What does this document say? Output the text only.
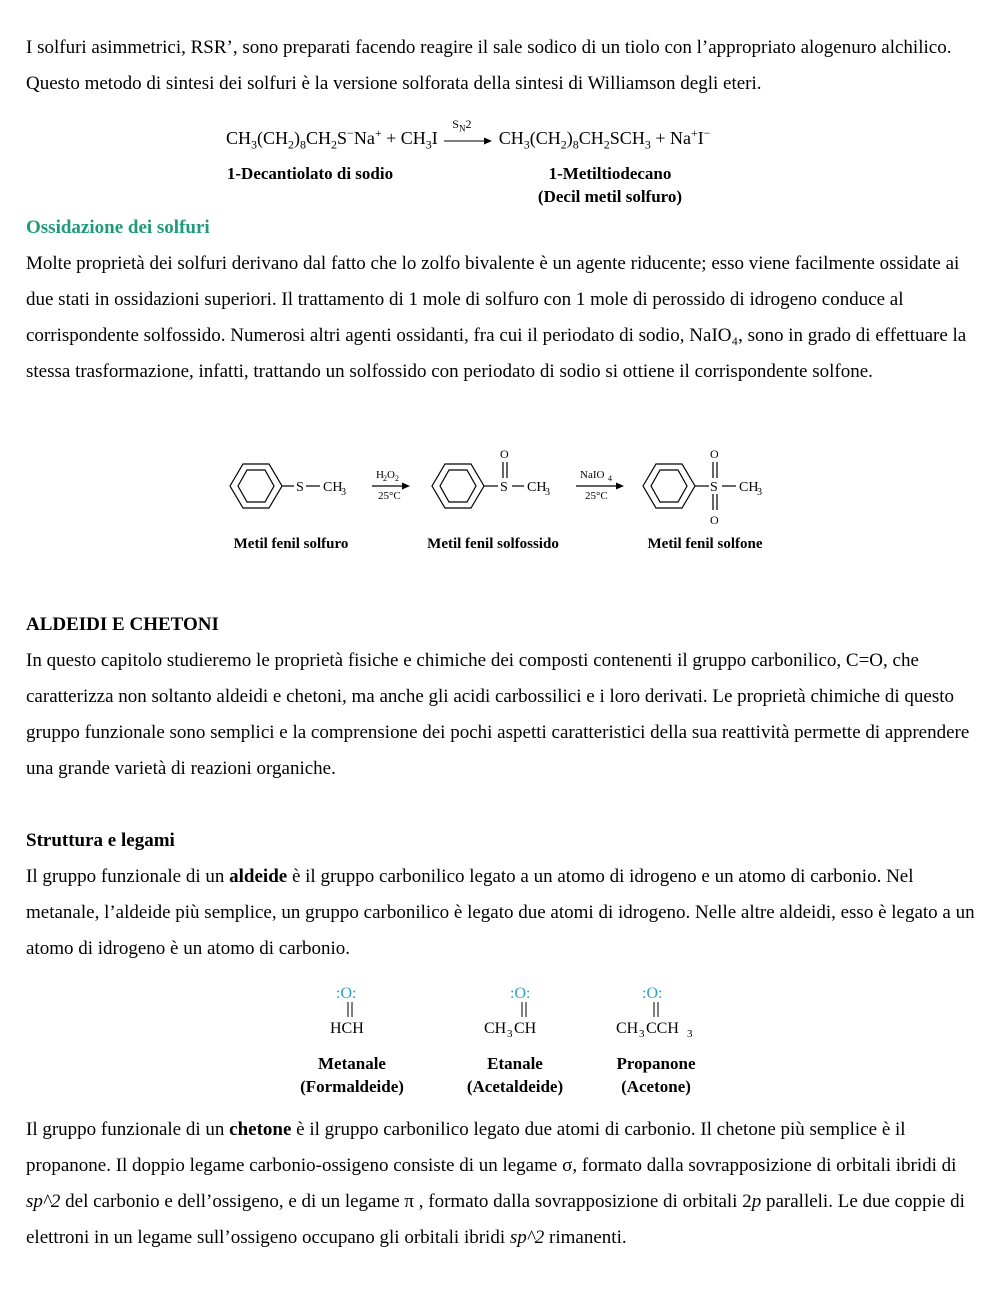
I solfuri asimmetrici, RSR’, sono preparati facendo reagire il sale sodico di un tiolo con l’appropriato alogenuro alchilico. Questo metodo di sintesi dei solfuri è la versione solforata della sintesi di Williamson degli eteri.

$CH_3(CH_2)_8CH_2S^-Na^+ + CH_3I$
$S_N2$
$CH_3(CH_2)_8CH_2SCH_3 + Na^+I^-$
1-Decantiolato di sodio	1-Metiltiodecano
(Decil metil solfuro)
Ossidazione dei solfuri

Molte proprietà dei solfuri derivano dal fatto che lo zolfo bivalente è un agente riducente; esso viene facilmente ossidate ai due stati in ossidazioni superiori. Il trattamento di 1 mole di solfuro con 1 mole di perossido di idrogeno conduce al corrispondente solfossido. Numerosi altri agenti ossidanti, fra cui il periodato di sodio, NaIO₄, sono in grado di effettuare la stessa trasformazione, infatti, trattando un solfossido con periodato di sodio si ottiene il corrispondente solfone.

S CH
3
H 2 O 2
S CH
3
O
NaIO 4
S CH
3
O
O
25°C	25°C
Metil fenil solfuro	Metil fenil solfossido	Metil fenil solfone
ALDEIDI E CHETONI

In questo capitolo studieremo le proprietà fisiche e chimiche dei composti contenenti il gruppo carbonilico, C=O, che caratterizza non soltanto aldeidi e chetoni, ma anche gli acidi carbossilici e i loro derivati. Le proprietà chimiche di questo gruppo funzionale sono semplici e la comprensione dei pochi aspetti caratteristici della sua reattività permette di apprendere una grande varietà di reazioni organiche.

Struttura e legami

Il gruppo funzionale di un aldeide è il gruppo carbonilico legato a un atomo di idrogeno e un atomo di carbonio. Nel metanale, l’aldeide più semplice, un gruppo carbonilico è legato due atomi di idrogeno. Nelle altre aldeidi, esso è legato a un atomo di idrogeno è un atomo di carbonio.

:O:	:O:	:O:
HCH	CH 3 CH	CH 3 CCH 3
Metanale
(Formaldeide)
Etanale
(Acetaldeide)
Propanone
(Acetone)

Il gruppo funzionale di un chetone è il gruppo carbonilico legato due atomi di carbonio. Il chetone più semplice è il propanone. Il doppio legame carbonio-ossigeno consiste di un legame σ, formato dalla sovrapposizione di orbitali ibridi di sp^2 del carbonio e dell’ossigeno, e di un legame π , formato dalla sovrapposizione di orbitali 2p paralleli. Le due coppie di elettroni in un legame sull’ossigeno occupano gli orbitali ibridi sp^2 rimanenti.
